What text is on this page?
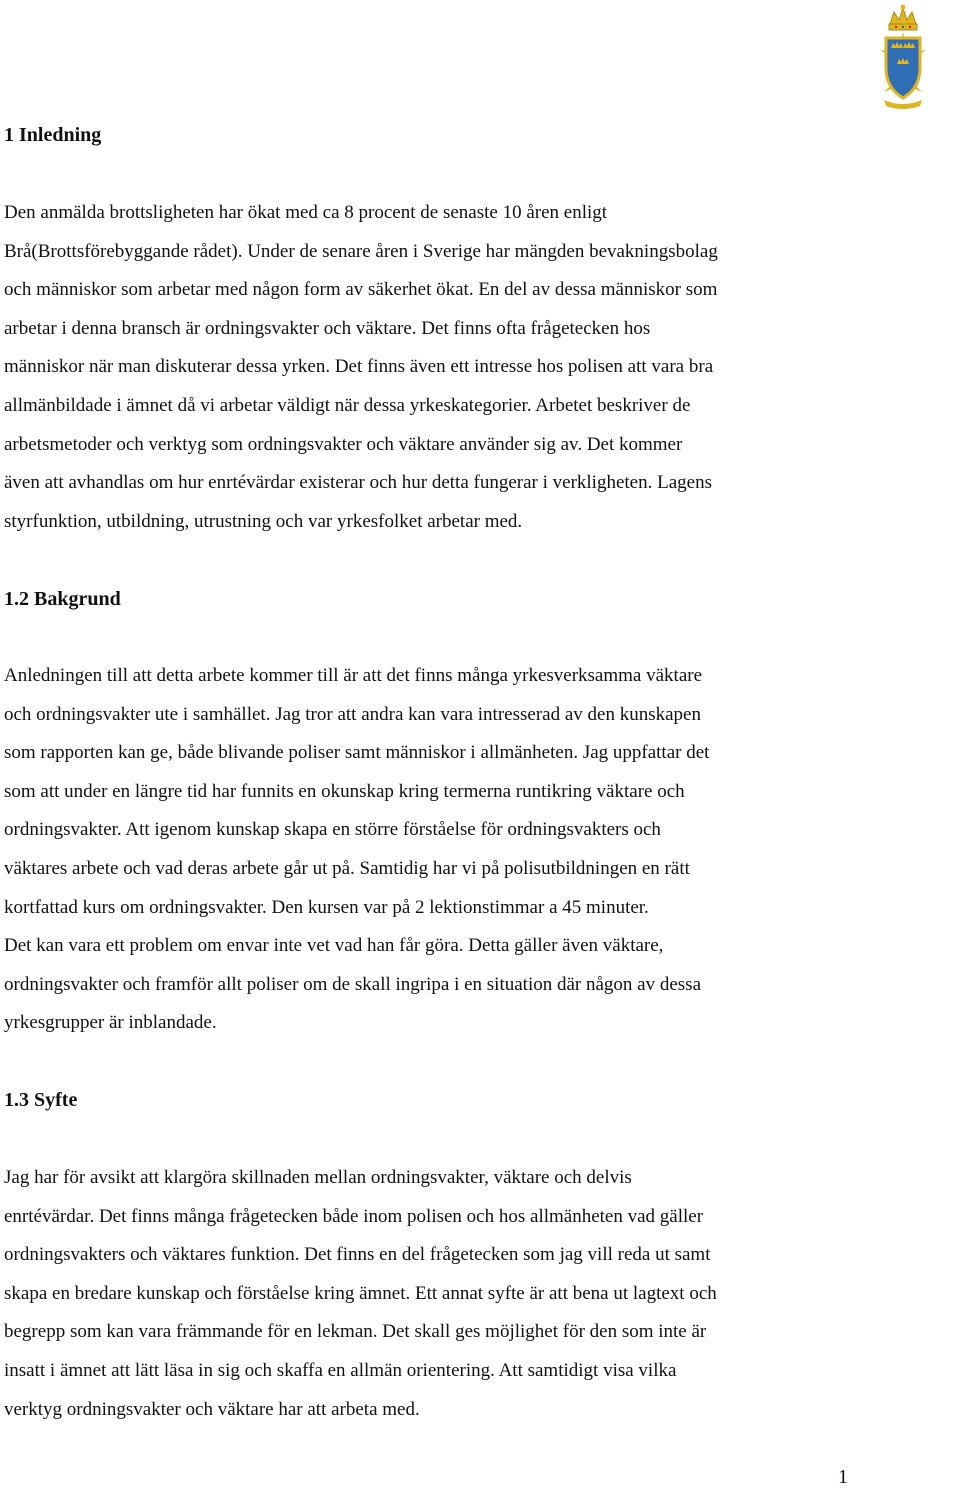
1 Inledning
Den anmälda brottsligheten har ökat med ca 8 procent de senaste 10 åren enligt
Brå(Brottsförebyggande rådet). Under de senare åren i Sverige har mängden bevakningsbolag
och människor som arbetar med någon form av säkerhet ökat. En del av dessa människor som
arbetar i denna bransch är ordningsvakter och väktare. Det finns ofta frågetecken hos
människor när man diskuterar dessa yrken. Det finns även ett intresse hos polisen att vara bra
allmänbildade i ämnet då vi arbetar väldigt när dessa yrkeskategorier. Arbetet beskriver de
arbetsmetoder och verktyg som ordningsvakter och väktare använder sig av. Det kommer
även att avhandlas om hur enrtévärdar existerar och hur detta fungerar i verkligheten. Lagens
styrfunktion, utbildning, utrustning och var yrkesfolket arbetar med.
1.2 Bakgrund
Anledningen till att detta arbete kommer till är att det finns många yrkesverksamma väktare
och ordningsvakter ute i samhället. Jag tror att andra kan vara intresserad av den kunskapen
som rapporten kan ge, både blivande poliser samt människor i allmänheten. Jag uppfattar det
som att under en längre tid har funnits en okunskap kring termerna runtikring väktare och
ordningsvakter. Att igenom kunskap skapa en större förståelse för ordningsvakters och
väktares arbete och vad deras arbete går ut på. Samtidig har vi på polisutbildningen en rätt
kortfattad kurs om ordningsvakter. Den kursen var på 2 lektionstimmar a 45 minuter.
Det kan vara ett problem om envar inte vet vad han får göra. Detta gäller även väktare,
ordningsvakter och framför allt poliser om de skall ingripa i en situation där någon av dessa
yrkesgrupper är inblandade.
1.3 Syfte
Jag har för avsikt att klargöra skillnaden mellan ordningsvakter, väktare och delvis
enrtévärdar. Det finns många frågetecken både inom polisen och hos allmänheten vad gäller
ordningsvakters och väktares funktion. Det finns en del frågetecken som jag vill reda ut samt
skapa en bredare kunskap och förståelse kring ämnet. Ett annat syfte är att bena ut lagtext och
begrepp som kan vara främmande för en lekman. Det skall ges möjlighet för den som inte är
insatt i ämnet att lätt läsa in sig och skaffa en allmän orientering. Att samtidigt visa vilka
verktyg ordningsvakter och väktare har att arbeta med.
1
